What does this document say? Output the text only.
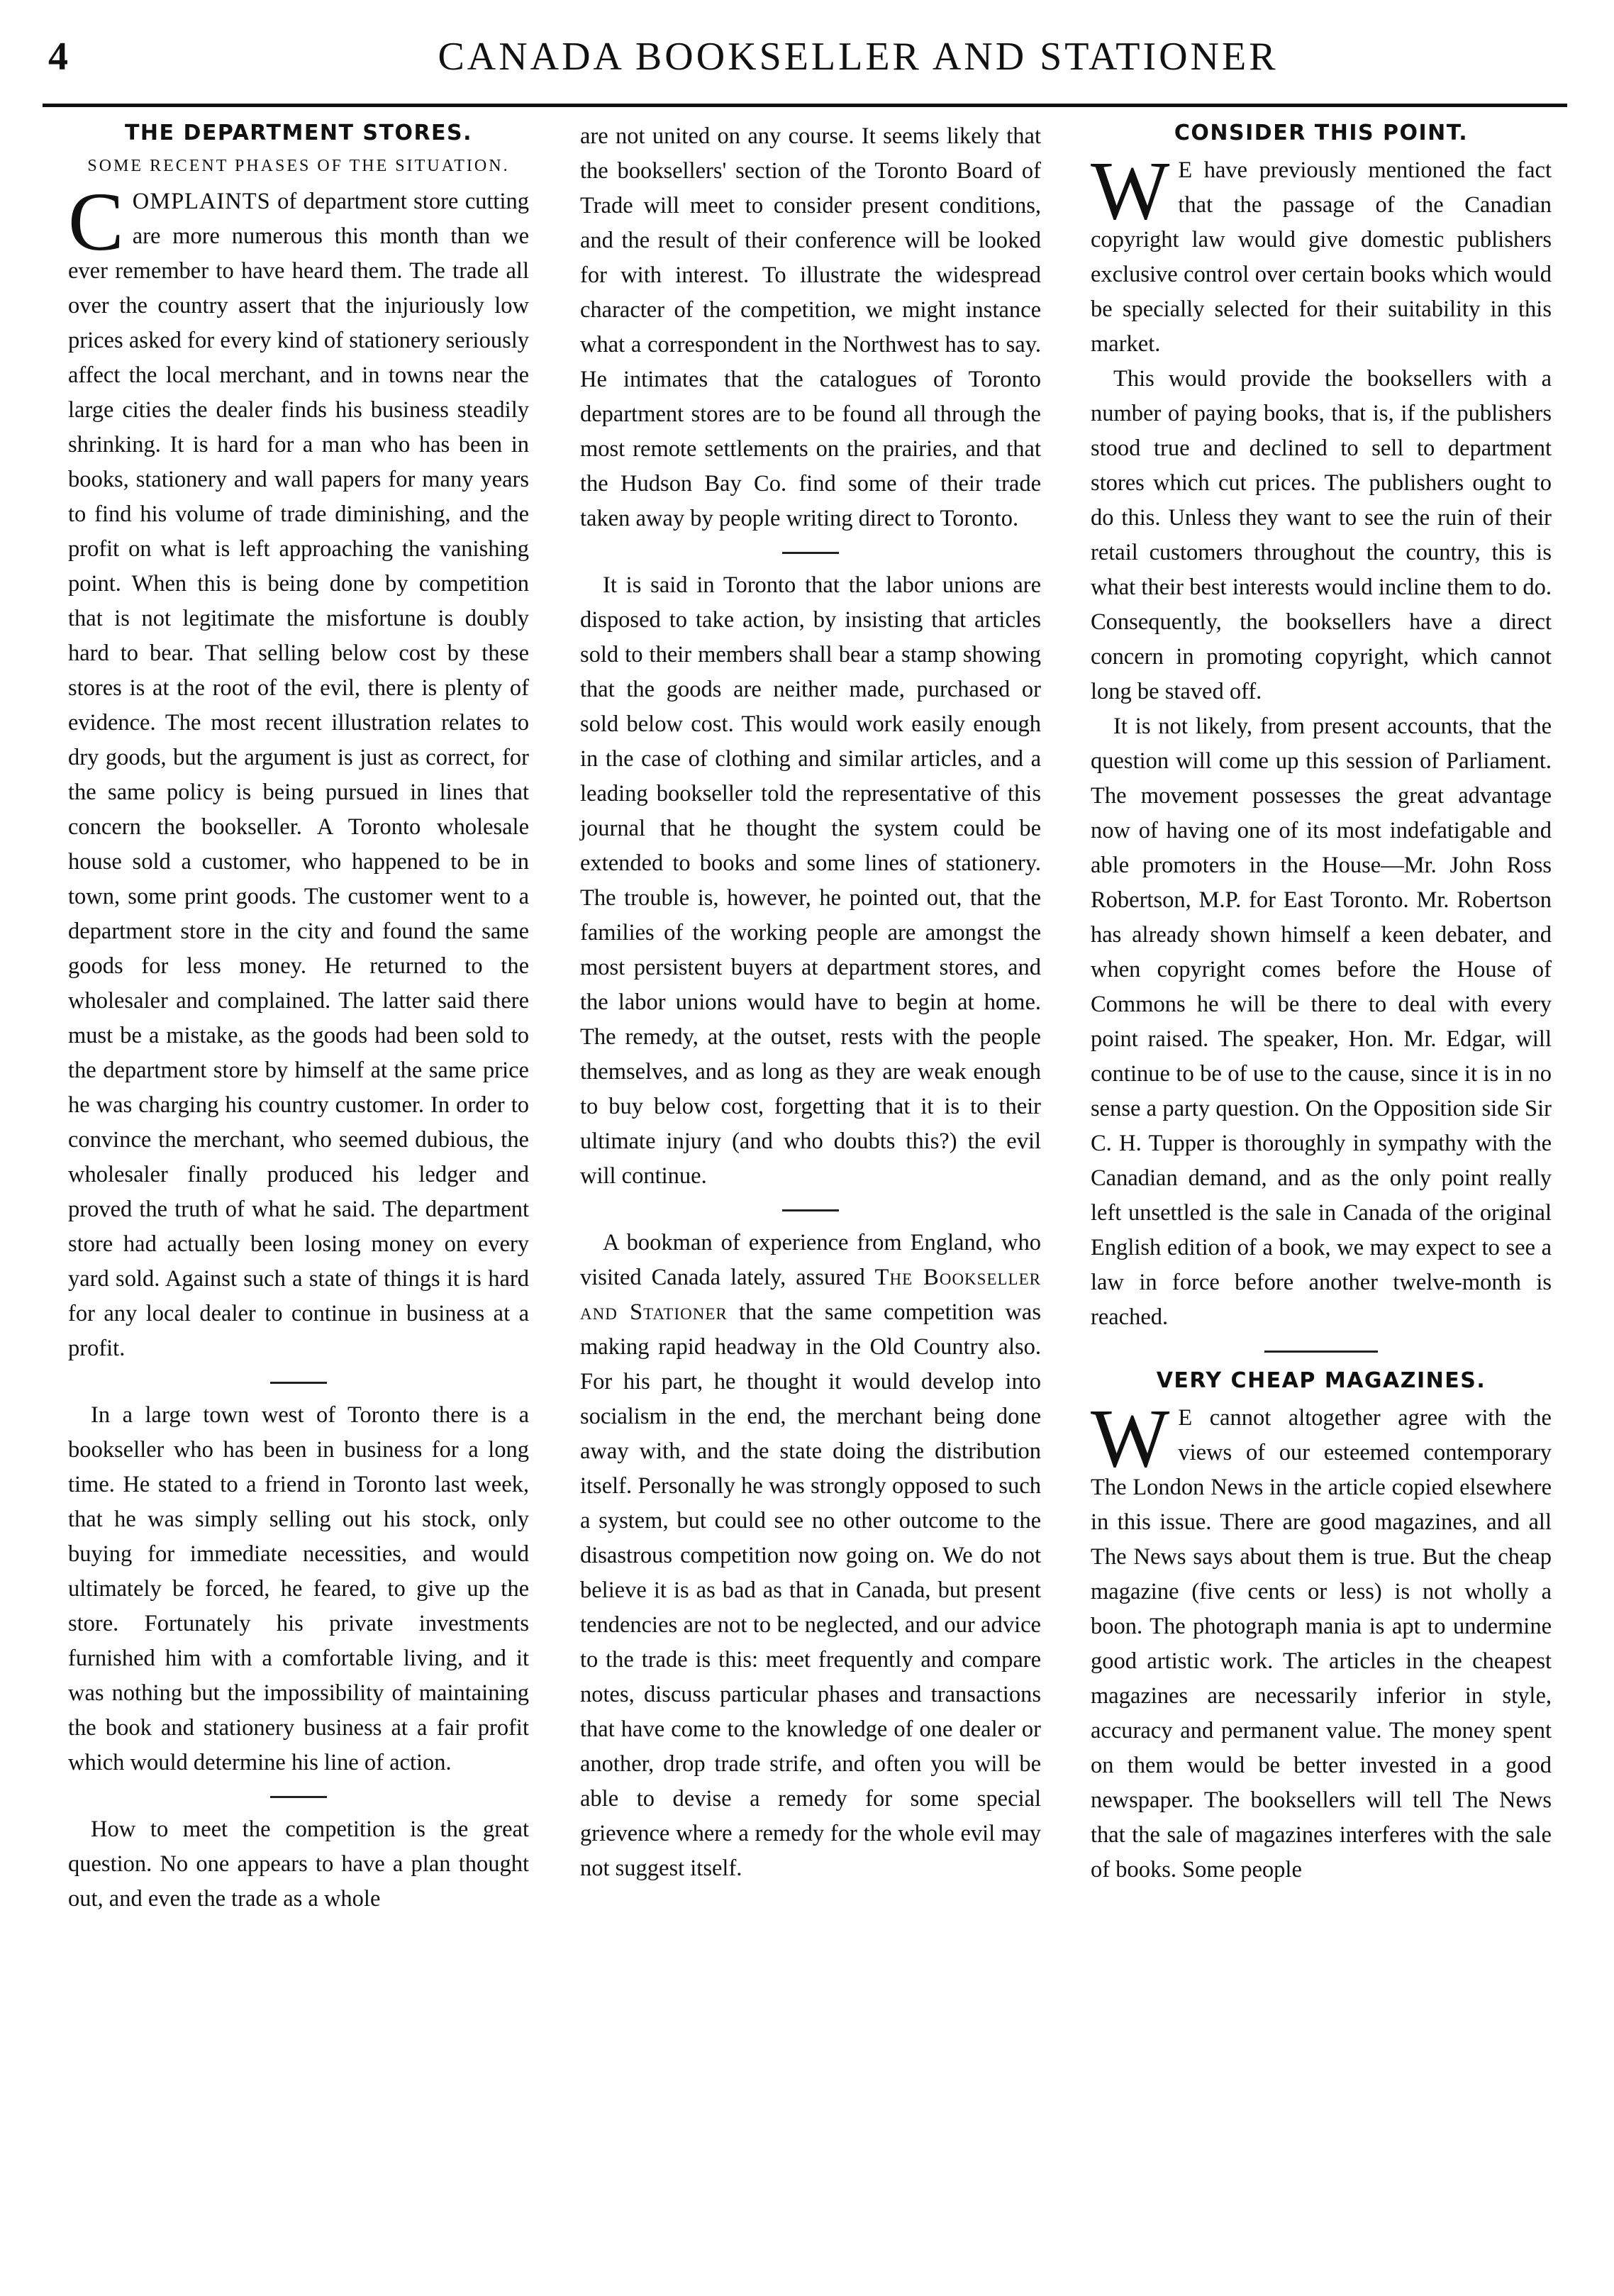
4	CANADA BOOKSELLER AND STATIONER
THE DEPARTMENT STORES.
SOME RECENT PHASES OF THE SITUATION.

COMPLAINTS of department store cutting are more numerous this month than we ever remember to have heard them. The trade all over the country assert that the injuriously low prices asked for every kind of stationery seriously affect the local merchant, and in towns near the large cities the dealer finds his business steadily shrinking. It is hard for a man who has been in books, stationery and wall papers for many years to find his volume of trade diminishing, and the profit on what is left approaching the vanishing point. When this is being done by competition that is not legitimate the misfortune is doubly hard to bear. That selling below cost by these stores is at the root of the evil, there is plenty of evidence. The most recent illustration relates to dry goods, but the argument is just as correct, for the same policy is being pursued in lines that concern the bookseller. A Toronto wholesale house sold a customer, who happened to be in town, some print goods. The customer went to a department store in the city and found the same goods for less money. He returned to the wholesaler and complained. The latter said there must be a mistake, as the goods had been sold to the department store by himself at the same price he was charging his country customer. In order to convince the merchant, who seemed dubious, the wholesaler finally produced his ledger and proved the truth of what he said. The department store had actually been losing money on every yard sold. Against such a state of things it is hard for any local dealer to continue in business at a profit.

In a large town west of Toronto there is a bookseller who has been in business for a long time. He stated to a friend in Toronto last week, that he was simply selling out his stock, only buying for immediate necessities, and would ultimately be forced, he feared, to give up the store. Fortunately his private investments furnished him with a comfortable living, and it was nothing but the impossibility of maintaining the book and stationery business at a fair profit which would determine his line of action.

How to meet the competition is the great question. No one appears to have a plan thought out, and even the trade as a whole

are not united on any course. It seems likely that the booksellers' section of the Toronto Board of Trade will meet to consider present conditions, and the result of their conference will be looked for with interest. To illustrate the widespread character of the competition, we might instance what a correspondent in the Northwest has to say. He intimates that the catalogues of Toronto department stores are to be found all through the most remote settlements on the prairies, and that the Hudson Bay Co. find some of their trade taken away by people writing direct to Toronto.

It is said in Toronto that the labor unions are disposed to take action, by insisting that articles sold to their members shall bear a stamp showing that the goods are neither made, purchased or sold below cost. This would work easily enough in the case of clothing and similar articles, and a leading bookseller told the representative of this journal that he thought the system could be extended to books and some lines of stationery. The trouble is, however, he pointed out, that the families of the working people are amongst the most persistent buyers at department stores, and the labor unions would have to begin at home. The remedy, at the outset, rests with the people themselves, and as long as they are weak enough to buy below cost, forgetting that it is to their ultimate injury (and who doubts this?) the evil will continue.

A bookman of experience from England, who visited Canada lately, assured The Bookseller and Stationer that the same competition was making rapid headway in the Old Country also. For his part, he thought it would develop into socialism in the end, the merchant being done away with, and the state doing the distribution itself. Personally he was strongly opposed to such a system, but could see no other outcome to the disastrous competition now going on. We do not believe it is as bad as that in Canada, but present tendencies are not to be neglected, and our advice to the trade is this: meet frequently and compare notes, discuss particular phases and transactions that have come to the knowledge of one dealer or another, drop trade strife, and often you will be able to devise a remedy for some special grievence where a remedy for the whole evil may not suggest itself.

CONSIDER THIS POINT.

W E have previously mentioned the fact that the passage of the Canadian copyright law would give domestic publishers exclusive control over certain books which would be specially selected for their suitability in this market.

This would provide the booksellers with a number of paying books, that is, if the publishers stood true and declined to sell to department stores which cut prices. The publishers ought to do this. Unless they want to see the ruin of their retail customers throughout the country, this is what their best interests would incline them to do. Consequently, the booksellers have a direct concern in promoting copyright, which cannot long be staved off.

It is not likely, from present accounts, that the question will come up this session of Parliament. The movement possesses the great advantage now of having one of its most indefatigable and able promoters in the House—Mr. John Ross Robertson, M.P. for East Toronto. Mr. Robertson has already shown himself a keen debater, and when copyright comes before the House of Commons he will be there to deal with every point raised. The speaker, Hon. Mr. Edgar, will continue to be of use to the cause, since it is in no sense a party question. On the Opposition side Sir C. H. Tupper is thoroughly in sympathy with the Canadian demand, and as the only point really left unsettled is the sale in Canada of the original English edition of a book, we may expect to see a law in force before another twelve-month is reached.

VERY CHEAP MAGAZINES.

W E cannot altogether agree with the views of our esteemed contemporary The London News in the article copied elsewhere in this issue. There are good magazines, and all The News says about them is true. But the cheap magazine (five cents or less) is not wholly a boon. The photograph mania is apt to undermine good artistic work. The articles in the cheapest magazines are necessarily inferior in style, accuracy and permanent value. The money spent on them would be better invested in a good newspaper. The booksellers will tell The News that the sale of magazines interferes with the sale of books. Some people
